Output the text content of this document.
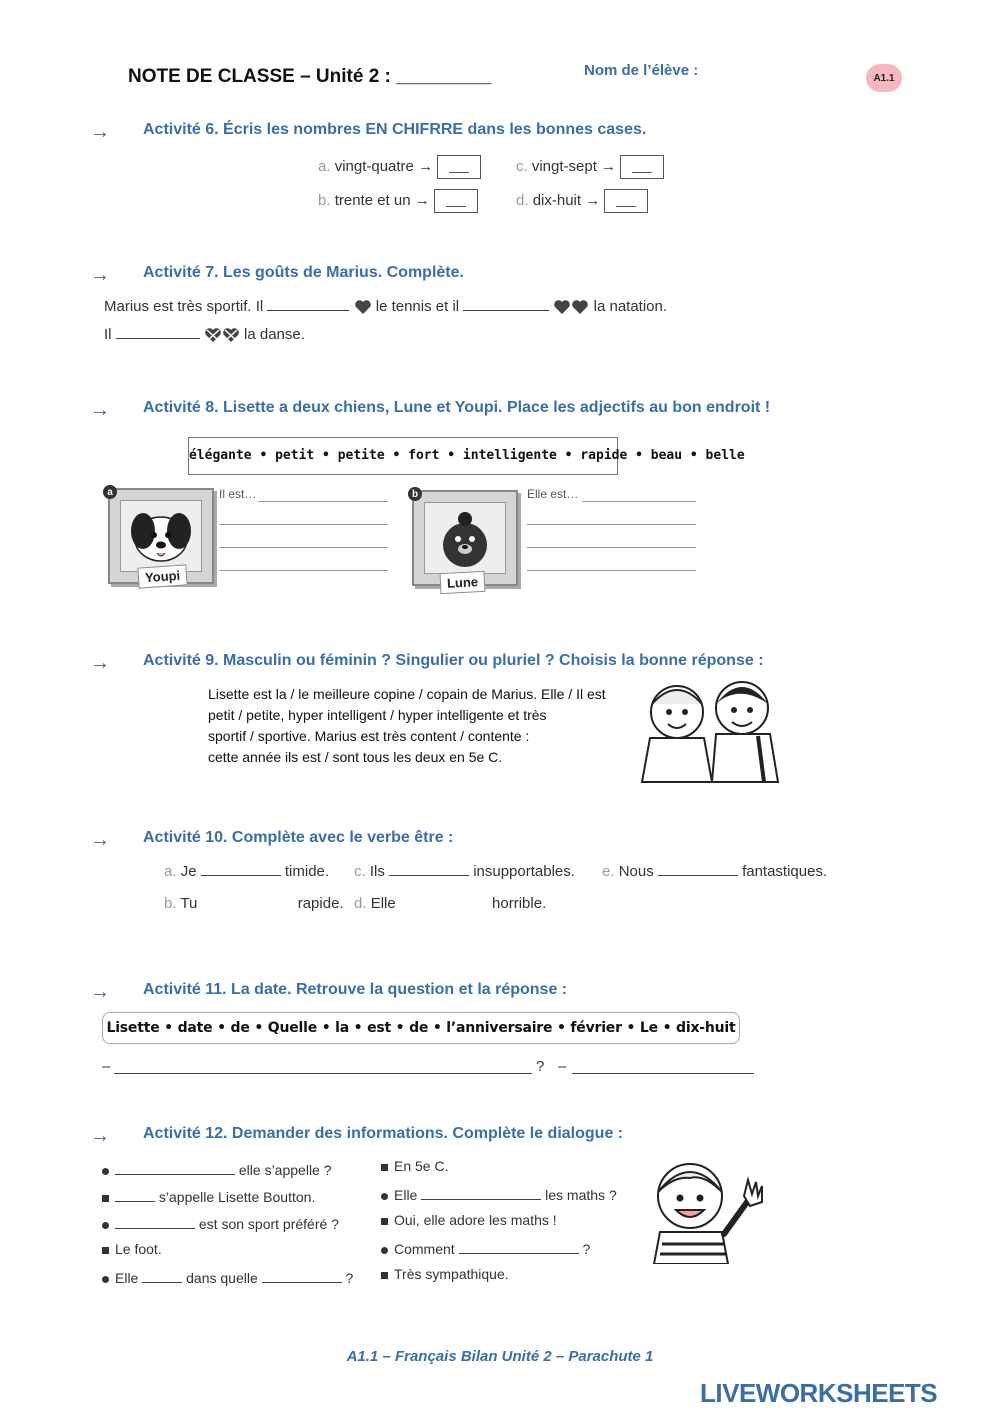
NOTE DE CLASSE – Unité 2 : _________	Nom de l’élève :	A1.1
→ Activité 6. Écris les nombres EN CHIFRRE dans les bonnes cases.
a. vingt-quatre →	c. vingt-sept →
b. trente et un →	d. dix-huit →
→ Activité 7. Les goûts de Marius. Complète.
Marius est très sportif. Il	le tennis et il	la natation.
Il	la danse.
→ Activité 8. Lisette a deux chiens, Lune et Youpi. Place les adjectifs au bon endroit !
élégante • petit • petite • fort • intelligente • rapide • beau • belle
a
Youpi
Il est…	b
Lune
Elle est…
→ Activité 9. Masculin ou féminin ? Singulier ou pluriel ? Choisis la bonne réponse :
Lisette est la / le meilleure copine / copain de Marius. Elle / Il est
petit / petite, hyper intelligent / hyper intelligente et très
sportif / sportive. Marius est très content / contente :
cette année ils est / sont tous les deux en 5e C.
→ Activité 10. Complète avec le verbe être :
a. Je	timide. c. Ils	insupportables. e. Nous	fantastiques.
b. Tu	rapide. d. Elle	horrible.
→ Activité 11. La date. Retrouve la question et la réponse :
Lisette • date • de • Quelle • la • est • de • l’anniversaire • février • Le • dix-huit
–	? –
→ Activité 12. Demander des informations. Complète le dialogue :
elle s’appelle ?
s’appelle Lisette Boutton.
est son sport préféré ?
Le foot.
Elle	dans quelle	?
En 5e C.
Elle	les maths ?
Oui, elle adore les maths !
Comment	?
Très sympathique.
A1.1 – Français Bilan Unité 2 – Parachute 1
LIVEWORKSHEETS
